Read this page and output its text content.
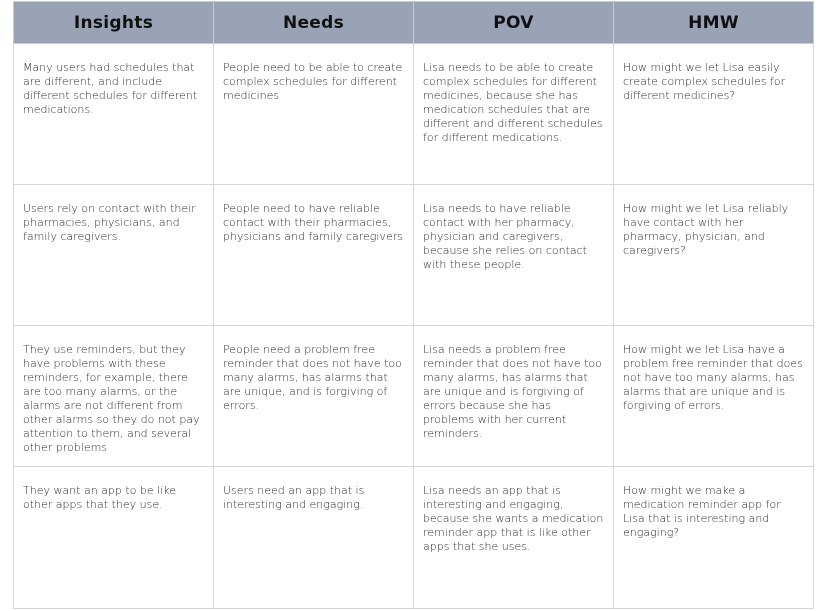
Insights	Needs	POV	HMW
Many users had schedules that are different, and include different schedules for different medications.	People need to be able to create complex schedules for different medicines	Lisa needs to be able to create complex schedules for different medicines, because she has medication schedules that are different and different schedules for different medications.	How might we let Lisa easily create complex schedules for different medicines?
Users rely on contact with their pharmacies, physicians, and family caregivers.	People need to have reliable contact with their pharmacies, physicians and family caregivers	Lisa needs to have reliable contact with her pharmacy, physician and caregivers, because she relies on contact with these people.	How might we let Lisa reliably have contact with her pharmacy, physician, and caregivers?
They use reminders, but they have problems with these reminders, for example, there are too many alarms, or the alarms are not different from other alarms so they do not pay attention to them, and several other problems	People need a problem free reminder that does not have too many alarms, has alarms that are unique, and is forgiving of errors.	Lisa needs a problem free reminder that does not have too many alarms, has alarms that are unique and is forgiving of errors because she has problems with her current reminders.	How might we let Lisa have a problem free reminder that does not have too many alarms, has alarms that are unique and is forgiving of errors.
They want an app to be like other apps that they use.	Users need an app that is interesting and engaging.	Lisa needs an app that is interesting and engaging, because she wants a medication reminder app that is like other apps that she uses.	How might we make a medication reminder app for Lisa that is interesting and engaging?
